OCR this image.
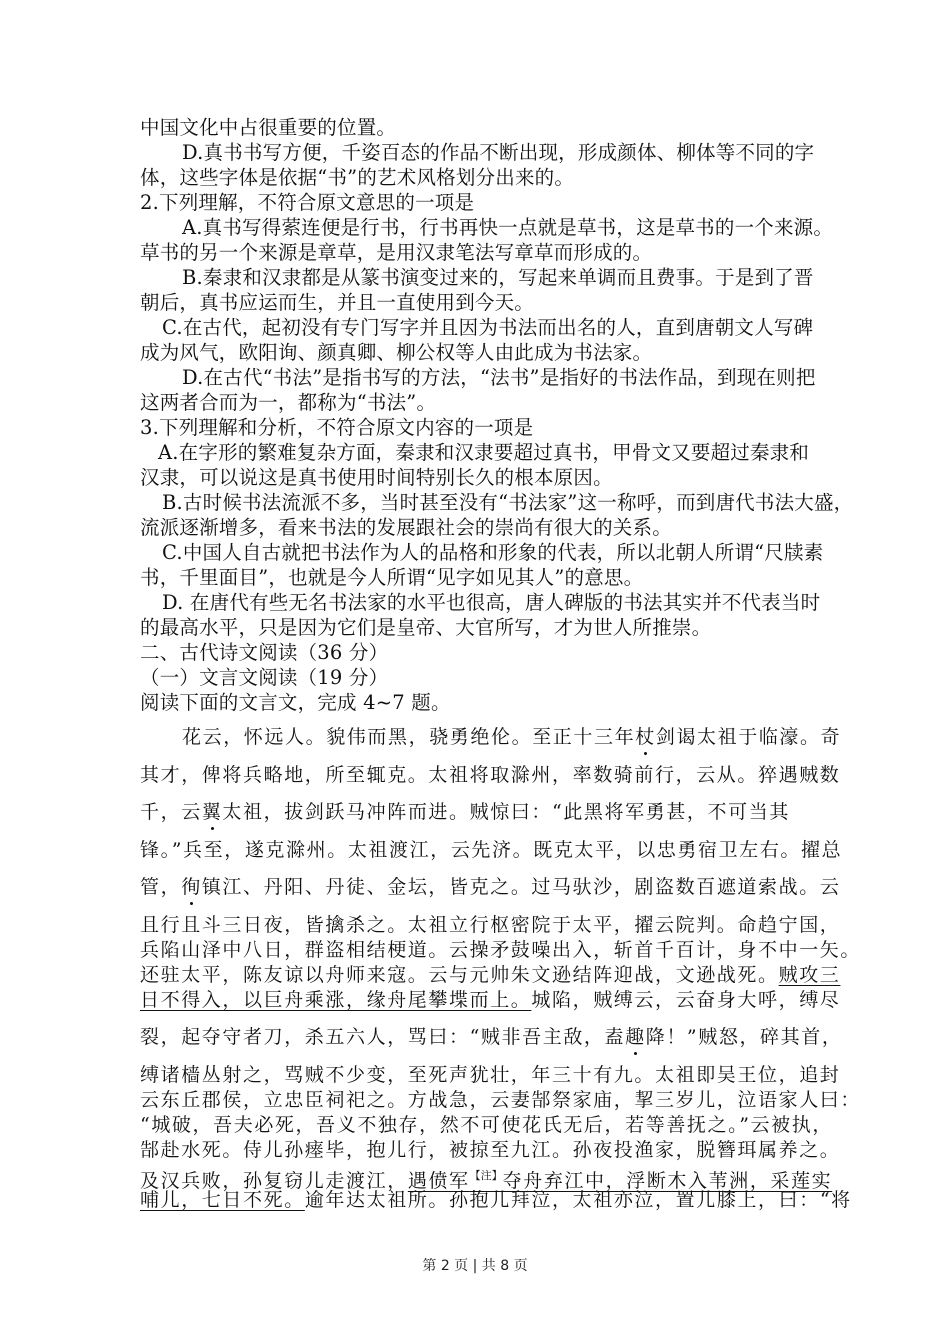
中国文化中占很重要的位置。
D.真书书写方便，千姿百态的作品不断出现，形成颜体、柳体等不同的字
体，这些字体是依据“书”的艺术风格划分出来的。
2.下列理解，不符合原文意思的一项是
A.真书写得萦连便是行书，行书再快一点就是草书，这是草书的一个来源。
草书的另一个来源是章草，是用汉隶笔法写章草而形成的。
B.秦隶和汉隶都是从篆书演变过来的，写起来单调而且费事。于是到了晋
朝后，真书应运而生，并且一直使用到今天。
C.在古代，起初没有专门写字并且因为书法而出名的人，直到唐朝文人写碑
成为风气，欧阳询、颜真卿、柳公权等人由此成为书法家。
D.在古代“书法”是指书写的方法，“法书”是指好的书法作品，到现在则把
这两者合而为一，都称为“书法”。
3.下列理解和分析，不符合原文内容的一项是
A.在字形的繁难复杂方面，秦隶和汉隶要超过真书，甲骨文又要超过秦隶和
汉隶，可以说这是真书使用时间特别长久的根本原因。
B.古时候书法流派不多，当时甚至没有“书法家”这一称呼，而到唐代书法大盛，
流派逐渐增多，看来书法的发展跟社会的崇尚有很大的关系。
C.中国人自古就把书法作为人的品格和形象的代表，所以北朝人所谓“尺牍素
书，千里面目”，也就是今人所谓“见字如见其人”的意思。
D. 在唐代有些无名书法家的水平也很高，唐人碑版的书法其实并不代表当时
的最高水平，只是因为它们是皇帝、大官所写，才为世人所推崇。
二、古代诗文阅读（36 分）
（一）文言文阅读（19 分）
阅读下面的文言文，完成 4~7 题。
花云，怀远人。貌伟而黑，骁勇绝伦。至正十三年杖剑谒太祖于临濠。奇
其才，俾将兵略地，所至辄克。太祖将取滁州，率数骑前行，云从。猝遇贼数
千，云翼太祖，拔剑跃马冲阵而进。贼惊曰：“此黑将军勇甚，不可当其
锋。”兵至，遂克滁州。太祖渡江，云先济。既克太平，以忠勇宿卫左右。擢总
管，徇镇江、丹阳、丹徒、金坛，皆克之。过马驮沙，剧盗数百遮道索战。云
且行且斗三日夜，皆擒杀之。太祖立行枢密院于太平，擢云院判。命趋宁国，
兵陷山泽中八日，群盗相结梗道。云操矛鼓噪出入，斩首千百计，身不中一矢。
还驻太平，陈友谅以舟师来寇。云与元帅朱文逊结阵迎战，文逊战死。贼攻三
日不得入，以巨舟乘涨，缘舟尾攀堞而上。城陷，贼缚云，云奋身大呼，缚尽
裂，起夺守者刀，杀五六人，骂曰：“贼非吾主敌，盍趣降！”贼怒，碎其首，
缚诸樯丛射之，骂贼不少变，至死声犹壮，年三十有九。太祖即吴王位，追封
云东丘郡侯，立忠臣祠祀之。方战急，云妻郜祭家庙，挈三岁儿，泣语家人曰：
“城破，吾夫必死，吾义不独存，然不可使花氏无后，若等善抚之。”云被执，
郜赴水死。侍儿孙瘗毕，抱儿行，被掠至九江。孙夜投渔家，脱簪珥属养之。
及汉兵败，孙复窃儿走渡江，遇偾军$^{【注】}$夺舟弃江中，浮断木入苇洲，采莲实
哺儿，七日不死。逾年达太祖所。孙抱儿拜泣，太祖亦泣，置儿膝上，曰：“将
第 2 页 | 共 8 页
